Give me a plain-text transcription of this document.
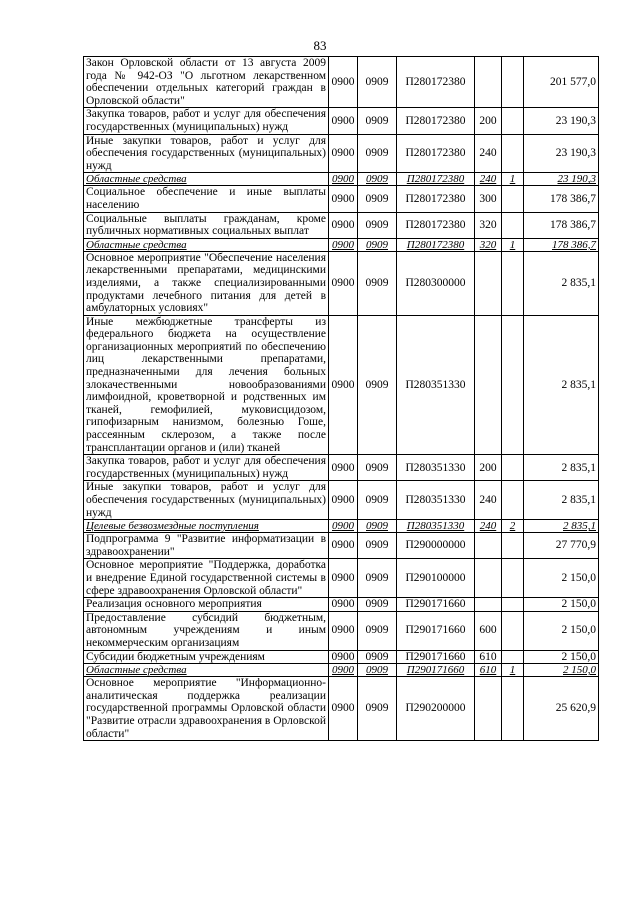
83
Закон Орловской области от 13 августа 2009 года № 942-ОЗ "О льготном лекарственном обеспечении отдельных категорий граждан в Орловской области"	0900	0909	П280172380			201 577,0
Закупка товаров, работ и услуг для обеспечения государственных (муниципальных) нужд	0900	0909	П280172380	200		23 190,3
Иные закупки товаров, работ и услуг для обеспечения государственных (муниципальных) нужд	0900	0909	П280172380	240		23 190,3
Областные средства	0900	0909	П280172380	240	1	23 190,3
Социальное обеспечение и иные выплаты населению	0900	0909	П280172380	300		178 386,7
Социальные выплаты гражданам, кроме публичных нормативных социальных выплат	0900	0909	П280172380	320		178 386,7
Областные средства	0900	0909	П280172380	320	1	178 386,7
Основное мероприятие "Обеспечение населения лекарственными препаратами, медицинскими изделиями, а также специализированными продуктами лечебного питания для детей в амбулаторных условиях"	0900	0909	П280300000			2 835,1
Иные межбюджетные трансферты из федерального бюджета на осуществление организационных мероприятий по обеспечению лиц лекарственными препаратами, предназначенными для лечения больных злокачественными новообразованиями лимфоидной, кроветворной и родственных им тканей, гемофилией, муковисцидозом, гипофизарным нанизмом, болезнью Гоше, рассеянным склерозом, а также после трансплантации органов и (или) тканей	0900	0909	П280351330			2 835,1
Закупка товаров, работ и услуг для обеспечения государственных (муниципальных) нужд	0900	0909	П280351330	200		2 835,1
Иные закупки товаров, работ и услуг для обеспечения государственных (муниципальных) нужд	0900	0909	П280351330	240		2 835,1
Целевые безвозмездные поступления	0900	0909	П280351330	240	2	2 835,1
Подпрограмма 9 "Развитие информатизации в здравоохранении"	0900	0909	П290000000			27 770,9
Основное мероприятие "Поддержка, доработка и внедрение Единой государственной системы в сфере здравоохранения Орловской области"	0900	0909	П290100000			2 150,0
Реализация основного мероприятия	0900	0909	П290171660			2 150,0
Предоставление субсидий бюджетным, автономным учреждениям и иным некоммерческим организациям	0900	0909	П290171660	600		2 150,0
Субсидии бюджетным учреждениям	0900	0909	П290171660	610		2 150,0
Областные средства	0900	0909	П290171660	610	1	2 150,0
Основное мероприятие "Информационно-аналитическая поддержка реализации государственной программы Орловской области "Развитие отрасли здравоохранения в Орловской области"	0900	0909	П290200000			25 620,9
